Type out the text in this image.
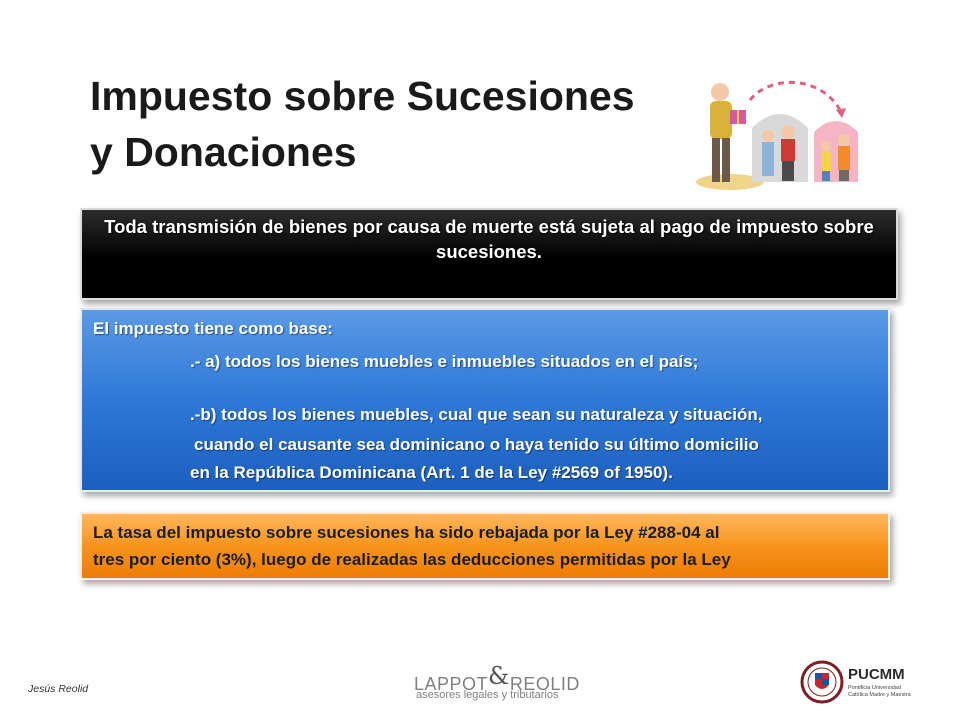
Impuesto sobre Sucesiones
y Donaciones
Toda transmisión de bienes por causa de muerte está sujeta al pago de impuesto sobre sucesiones.
El impuesto tiene como base:
.- a) todos los bienes muebles e inmuebles situados en el país;
.-b) todos los bienes muebles, cual que sean su naturaleza y situación,
cuando el causante sea dominicano o haya tenido su último domicilio
en la República Dominicana (Art. 1 de la Ley #2569 of 1950).
La tasa del impuesto sobre sucesiones ha sido rebajada por la Ley #288-04 al
tres por ciento (3%), luego de realizadas las deducciones permitidas por la Ley
Jesús Reolid	LAPPOT&REOLID
asesores legales y tributarios
PUCMM
Pontificia Universidad Católica Madre y Maestra
